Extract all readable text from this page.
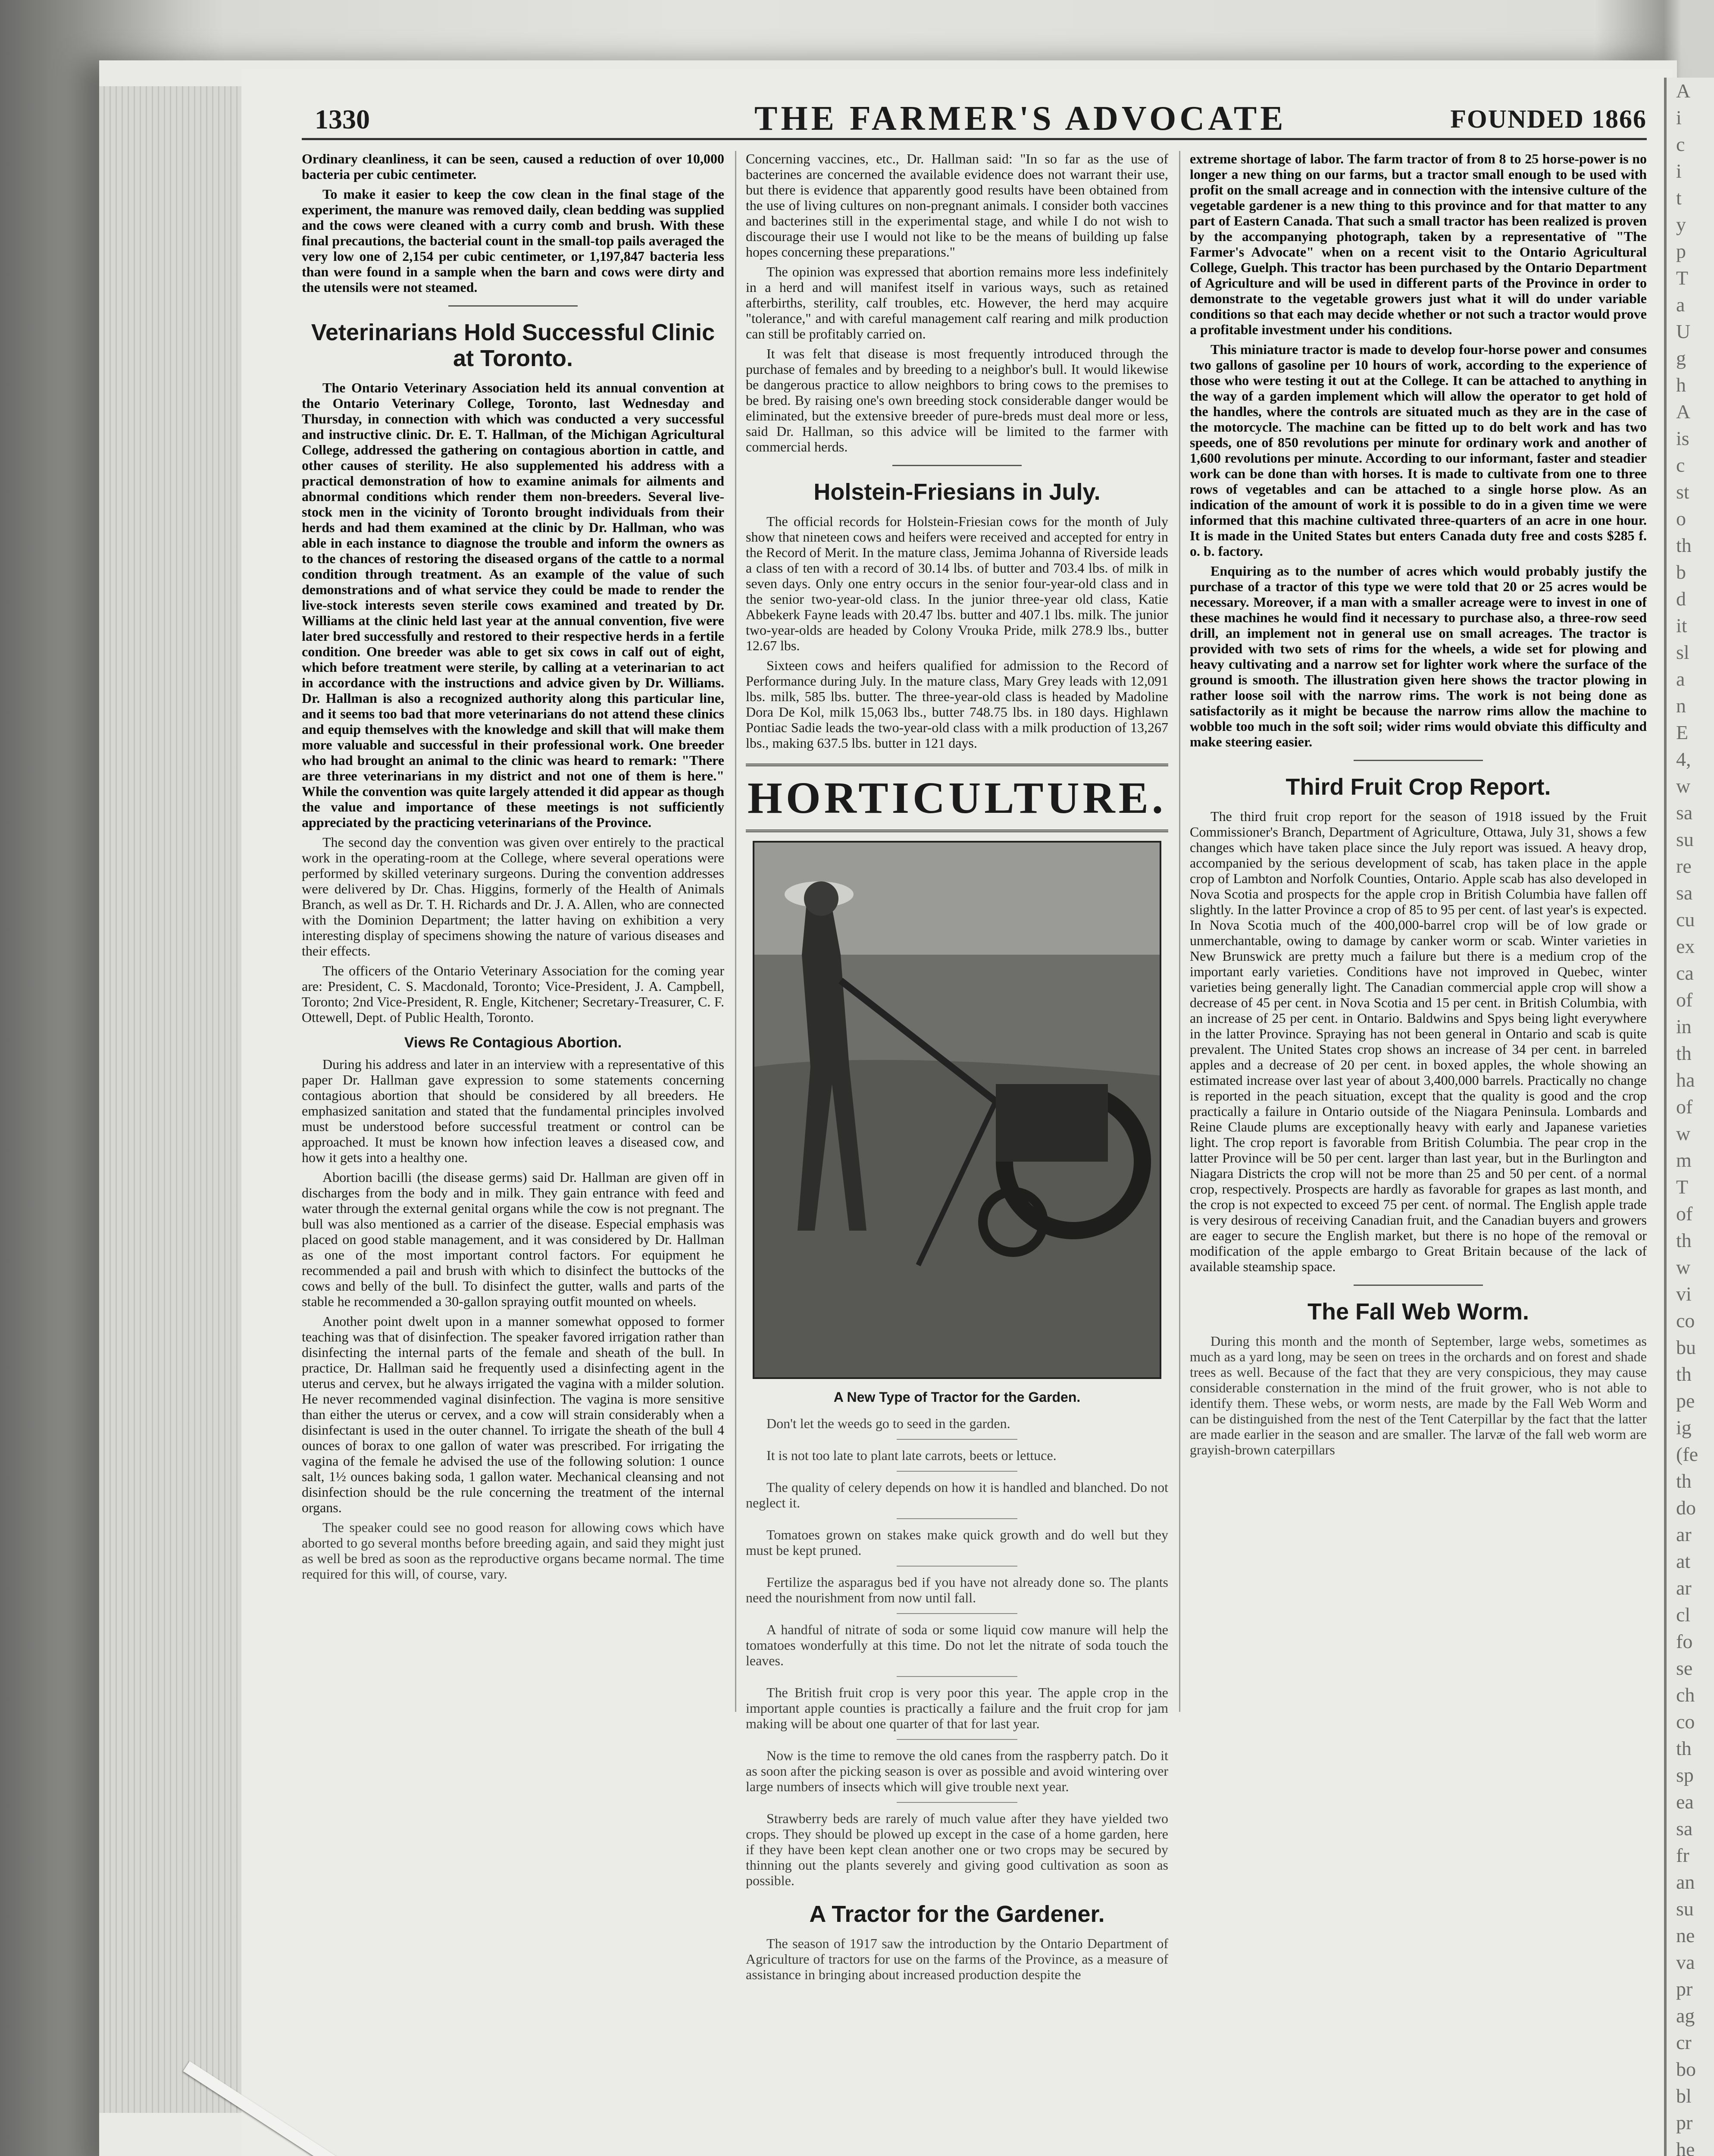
A
i
c
i
t
y
p
T
a
U
g
h
A
is
c
st
o
th
b
d
it
sl
a
n
E
4,
w
sa
su
re
sa
cu
ex
ca
of
in
th
ha
of
w
m
T
of
th
w
vi
co
bu
th
pe
ig
(fe
th
do
ar
at
ar
cl
fo
se
ch
co
th
sp
ea
sa
fr
an
su
ne
va
pr
ag
cr
bo
bl
pr
he
1330	THE FARMER'S ADVOCATE	FOUNDED 1866

Ordinary cleanliness, it can be seen, caused a reduction of over 10,000 bacteria per cubic centimeter.

To make it easier to keep the cow clean in the final stage of the experiment, the manure was removed daily, clean bedding was supplied and the cows were cleaned with a curry comb and brush. With these final precautions, the bacterial count in the small-top pails averaged the very low one of 2,154 per cubic centimeter, or 1,197,847 bacteria less than were found in a sample when the barn and cows were dirty and the utensils were not steamed.

Veterinarians Hold Successful Clinic at Toronto.

The Ontario Veterinary Association held its annual convention at the Ontario Veterinary College, Toronto, last Wednesday and Thursday, in connection with which was conducted a very successful and instructive clinic. Dr. E. T. Hallman, of the Michigan Agricultural College, addressed the gathering on contagious abortion in cattle, and other causes of sterility. He also supplemented his address with a practical demonstration of how to examine animals for ailments and abnormal conditions which render them non-breeders. Several live-stock men in the vicinity of Toronto brought individuals from their herds and had them examined at the clinic by Dr. Hallman, who was able in each instance to diagnose the trouble and inform the owners as to the chances of restoring the diseased organs of the cattle to a normal condition through treatment. As an example of the value of such demonstrations and of what service they could be made to render the live-stock interests seven sterile cows examined and treated by Dr. Williams at the clinic held last year at the annual convention, five were later bred successfully and restored to their respective herds in a fertile condition. One breeder was able to get six cows in calf out of eight, which before treatment were sterile, by calling at a veterinarian to act in accordance with the instructions and advice given by Dr. Williams. Dr. Hallman is also a recognized authority along this particular line, and it seems too bad that more veterinarians do not attend these clinics and equip themselves with the knowledge and skill that will make them more valuable and successful in their professional work. One breeder who had brought an animal to the clinic was heard to remark: "There are three veterinarians in my district and not one of them is here." While the convention was quite largely attended it did appear as though the value and importance of these meetings is not sufficiently appreciated by the practicing veterinarians of the Province.

The second day the convention was given over entirely to the practical work in the operating-room at the College, where several operations were performed by skilled veterinary surgeons. During the convention addresses were delivered by Dr. Chas. Higgins, formerly of the Health of Animals Branch, as well as Dr. T. H. Richards and Dr. J. A. Allen, who are connected with the Dominion Department; the latter having on exhibition a very interesting display of specimens showing the nature of various diseases and their effects.

The officers of the Ontario Veterinary Association for the coming year are: President, C. S. Macdonald, Toronto; Vice-President, J. A. Campbell, Toronto; 2nd Vice-President, R. Engle, Kitchener; Secretary-Treasurer, C. F. Ottewell, Dept. of Public Health, Toronto.

Views Re Contagious Abortion.

During his address and later in an interview with a representative of this paper Dr. Hallman gave expression to some statements concerning contagious abortion that should be considered by all breeders. He emphasized sanitation and stated that the fundamental principles involved must be understood before successful treatment or control can be approached. It must be known how infection leaves a diseased cow, and how it gets into a healthy one.

Abortion bacilli (the disease germs) said Dr. Hallman are given off in discharges from the body and in milk. They gain entrance with feed and water through the external genital organs while the cow is not pregnant. The bull was also mentioned as a carrier of the disease. Especial emphasis was placed on good stable management, and it was considered by Dr. Hallman as one of the most important control factors. For equipment he recommended a pail and brush with which to disinfect the buttocks of the cows and belly of the bull. To disinfect the gutter, walls and parts of the stable he recommended a 30-gallon spraying outfit mounted on wheels.

Another point dwelt upon in a manner somewhat opposed to former teaching was that of disinfection. The speaker favored irrigation rather than disinfecting the internal parts of the female and sheath of the bull. In practice, Dr. Hallman said he frequently used a disinfecting agent in the uterus and cervex, but he always irrigated the vagina with a milder solution. He never recommended vaginal disinfection. The vagina is more sensitive than either the uterus or cervex, and a cow will strain considerably when a disinfectant is used in the outer channel. To irrigate the sheath of the bull 4 ounces of borax to one gallon of water was prescribed. For irrigating the vagina of the female he advised the use of the following solution: 1 ounce salt, 1½ ounces baking soda, 1 gallon water. Mechanical cleansing and not disinfection should be the rule concerning the treatment of the internal organs.

The speaker could see no good reason for allowing cows which have aborted to go several months before breeding again, and said they might just as well be bred as soon as the reproductive organs became normal. The time required for this will, of course, vary.

Concerning vaccines, etc., Dr. Hallman said: "In so far as the use of bacterines are concerned the available evidence does not warrant their use, but there is evidence that apparently good results have been obtained from the use of living cultures on non-pregnant animals. I consider both vaccines and bacterines still in the experimental stage, and while I do not wish to discourage their use I would not like to be the means of building up false hopes concerning these preparations."

The opinion was expressed that abortion remains more less indefinitely in a herd and will manifest itself in various ways, such as retained afterbirths, sterility, calf troubles, etc. However, the herd may acquire "tolerance," and with careful management calf rearing and milk production can still be profitably carried on.

It was felt that disease is most frequently introduced through the purchase of females and by breeding to a neighbor's bull. It would likewise be dangerous practice to allow neighbors to bring cows to the premises to be bred. By raising one's own breeding stock considerable danger would be eliminated, but the extensive breeder of pure-breds must deal more or less, said Dr. Hallman, so this advice will be limited to the farmer with commercial herds.

Holstein-Friesians in July.

The official records for Holstein-Friesian cows for the month of July show that nineteen cows and heifers were received and accepted for entry in the Record of Merit. In the mature class, Jemima Johanna of Riverside leads a class of ten with a record of 30.14 lbs. of butter and 703.4 lbs. of milk in seven days. Only one entry occurs in the senior four-year-old class and in the senior two-year-old class. In the junior three-year old class, Katie Abbekerk Fayne leads with 20.47 lbs. butter and 407.1 lbs. milk. The junior two-year-olds are headed by Colony Vrouka Pride, milk 278.9 lbs., butter 12.67 lbs.

Sixteen cows and heifers qualified for admission to the Record of Performance during July. In the mature class, Mary Grey leads with 12,091 lbs. milk, 585 lbs. butter. The three-year-old class is headed by Madoline Dora De Kol, milk 15,063 lbs., butter 748.75 lbs. in 180 days. Highlawn Pontiac Sadie leads the two-year-old class with a milk production of 13,267 lbs., making 637.5 lbs. butter in 121 days.

HORTICULTURE.
A New Type of Tractor for the Garden.

Don't let the weeds go to seed in the garden.

It is not too late to plant late carrots, beets or lettuce.

The quality of celery depends on how it is handled and blanched. Do not neglect it.

Tomatoes grown on stakes make quick growth and do well but they must be kept pruned.

Fertilize the asparagus bed if you have not already done so. The plants need the nourishment from now until fall.

A handful of nitrate of soda or some liquid cow manure will help the tomatoes wonderfully at this time. Do not let the nitrate of soda touch the leaves.

The British fruit crop is very poor this year. The apple crop in the important apple counties is practically a failure and the fruit crop for jam making will be about one quarter of that for last year.

Now is the time to remove the old canes from the raspberry patch. Do it as soon after the picking season is over as possible and avoid wintering over large numbers of insects which will give trouble next year.

Strawberry beds are rarely of much value after they have yielded two crops. They should be plowed up except in the case of a home garden, here if they have been kept clean another one or two crops may be secured by thinning out the plants severely and giving good cultivation as soon as possible.

A Tractor for the Gardener.

The season of 1917 saw the introduction by the Ontario Department of Agriculture of tractors for use on the farms of the Province, as a measure of assistance in bringing about increased production despite the

extreme shortage of labor. The farm tractor of from 8 to 25 horse-power is no longer a new thing on our farms, but a tractor small enough to be used with profit on the small acreage and in connection with the intensive culture of the vegetable gardener is a new thing to this province and for that matter to any part of Eastern Canada. That such a small tractor has been realized is proven by the accompanying photograph, taken by a representative of "The Farmer's Advocate" when on a recent visit to the Ontario Agricultural College, Guelph. This tractor has been purchased by the Ontario Department of Agriculture and will be used in different parts of the Province in order to demonstrate to the vegetable growers just what it will do under variable conditions so that each may decide whether or not such a tractor would prove a profitable investment under his conditions.

This miniature tractor is made to develop four-horse power and consumes two gallons of gasoline per 10 hours of work, according to the experience of those who were testing it out at the College. It can be attached to anything in the way of a garden implement which will allow the operator to get hold of the handles, where the controls are situated much as they are in the case of the motorcycle. The machine can be fitted up to do belt work and has two speeds, one of 850 revolutions per minute for ordinary work and another of 1,600 revolutions per minute. According to our informant, faster and steadier work can be done than with horses. It is made to cultivate from one to three rows of vegetables and can be attached to a single horse plow. As an indication of the amount of work it is possible to do in a given time we were informed that this machine cultivated three-quarters of an acre in one hour. It is made in the United States but enters Canada duty free and costs $285 f. o. b. factory.

Enquiring as to the number of acres which would probably justify the purchase of a tractor of this type we were told that 20 or 25 acres would be necessary. Moreover, if a man with a smaller acreage were to invest in one of these machines he would find it necessary to purchase also, a three-row seed drill, an implement not in general use on small acreages. The tractor is provided with two sets of rims for the wheels, a wide set for plowing and heavy cultivating and a narrow set for lighter work where the surface of the ground is smooth. The illustration given here shows the tractor plowing in rather loose soil with the narrow rims. The work is not being done as satisfactorily as it might be because the narrow rims allow the machine to wobble too much in the soft soil; wider rims would obviate this difficulty and make steering easier.

Third Fruit Crop Report.

The third fruit crop report for the season of 1918 issued by the Fruit Commissioner's Branch, Department of Agriculture, Ottawa, July 31, shows a few changes which have taken place since the July report was issued. A heavy drop, accompanied by the serious development of scab, has taken place in the apple crop of Lambton and Norfolk Counties, Ontario. Apple scab has also developed in Nova Scotia and prospects for the apple crop in British Columbia have fallen off slightly. In the latter Province a crop of 85 to 95 per cent. of last year's is expected. In Nova Scotia much of the 400,000-barrel crop will be of low grade or unmerchantable, owing to damage by canker worm or scab. Winter varieties in New Brunswick are pretty much a failure but there is a medium crop of the important early varieties. Conditions have not improved in Quebec, winter varieties being generally light. The Canadian commercial apple crop will show a decrease of 45 per cent. in Nova Scotia and 15 per cent. in British Columbia, with an increase of 25 per cent. in Ontario. Baldwins and Spys being light everywhere in the latter Province. Spraying has not been general in Ontario and scab is quite prevalent. The United States crop shows an increase of 34 per cent. in barreled apples and a decrease of 20 per cent. in boxed apples, the whole showing an estimated increase over last year of about 3,400,000 barrels. Practically no change is reported in the peach situation, except that the quality is good and the crop practically a failure in Ontario outside of the Niagara Peninsula. Lombards and Reine Claude plums are exceptionally heavy with early and Japanese varieties light. The crop report is favorable from British Columbia. The pear crop in the latter Province will be 50 per cent. larger than last year, but in the Burlington and Niagara Districts the crop will not be more than 25 and 50 per cent. of a normal crop, respectively. Prospects are hardly as favorable for grapes as last month, and the crop is not expected to exceed 75 per cent. of normal. The English apple trade is very desirous of receiving Canadian fruit, and the Canadian buyers and growers are eager to secure the English market, but there is no hope of the removal or modification of the apple embargo to Great Britain because of the lack of available steamship space.

The Fall Web Worm.

During this month and the month of September, large webs, sometimes as much as a yard long, may be seen on trees in the orchards and on forest and shade trees as well. Because of the fact that they are very conspicious, they may cause considerable consternation in the mind of the fruit grower, who is not able to identify them. These webs, or worm nests, are made by the Fall Web Worm and can be distinguished from the nest of the Tent Caterpillar by the fact that the latter are made earlier in the season and are smaller. The larvæ of the fall web worm are grayish-brown caterpillars
